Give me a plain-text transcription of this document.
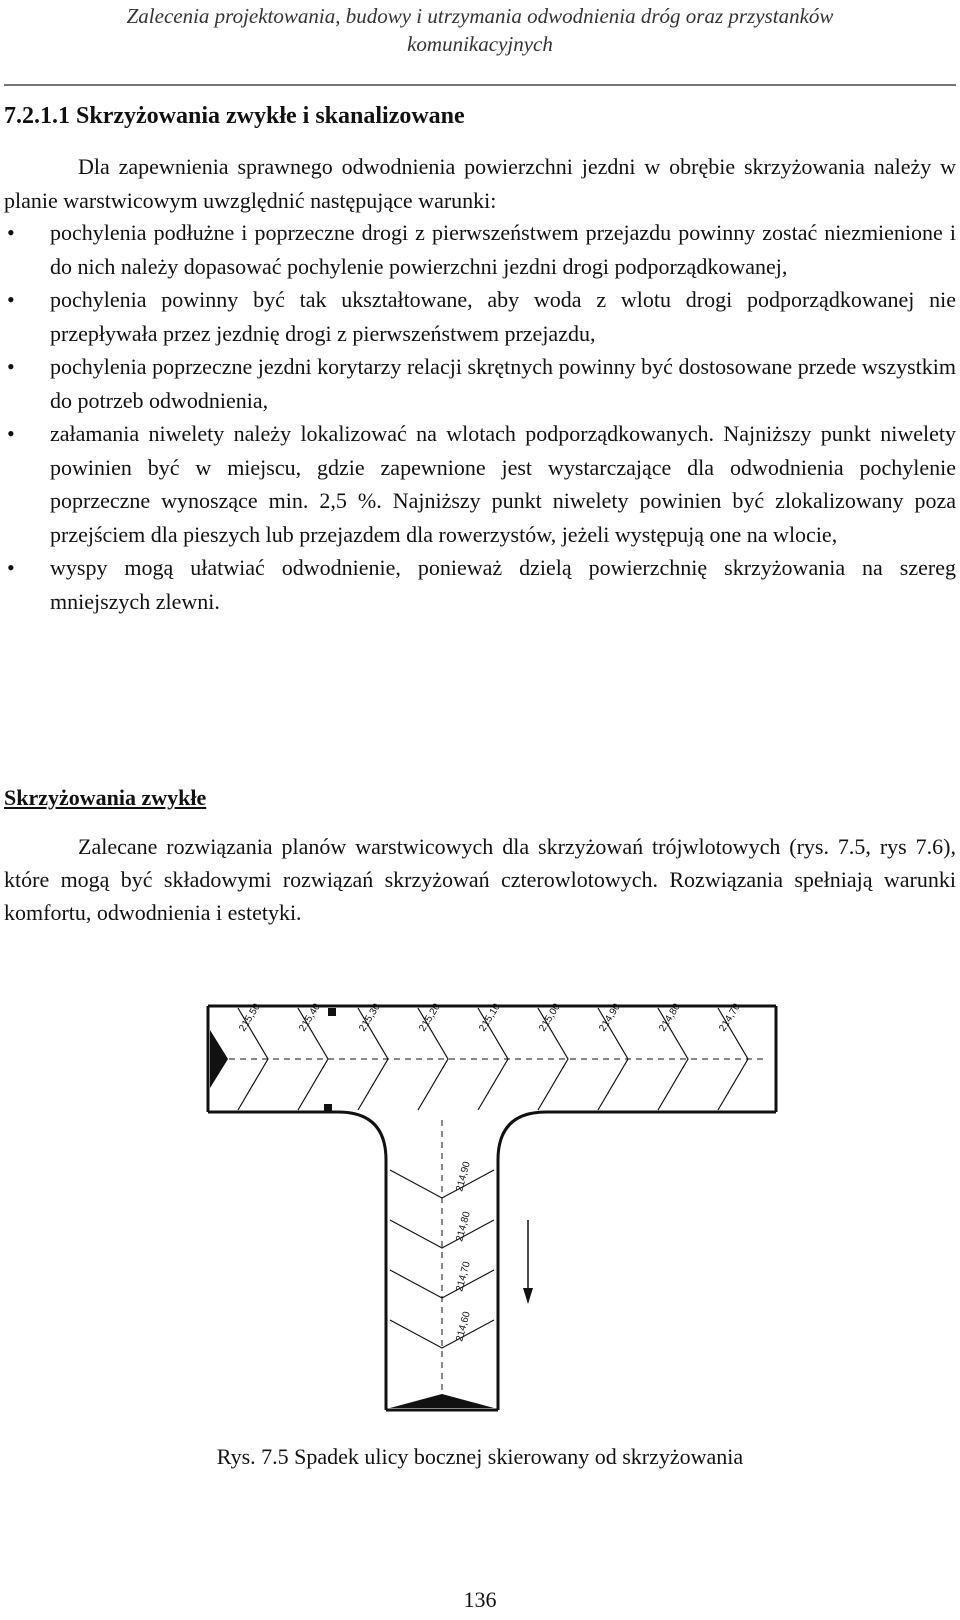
Zalecenia projektowania, budowy i utrzymania odwodnienia dróg oraz przystanków
komunikacyjnych
7.2.1.1 Skrzyżowania zwykłe i skanalizowane

Dla zapewnienia sprawnego odwodnienia powierzchni jezdni w obrębie skrzyżowania należy w planie warstwicowym uwzględnić następujące warunki:

• pochylenia podłużne i poprzeczne drogi z pierwszeństwem przejazdu powinny zostać niezmienione i do nich należy dopasować pochylenie powierzchni jezdni drogi podporządkowanej,
• pochylenia powinny być tak ukształtowane, aby woda z wlotu drogi podporządkowanej nie przepływała przez jezdnię drogi z pierwszeństwem przejazdu,
• pochylenia poprzeczne jezdni korytarzy relacji skrętnych powinny być dostosowane przede wszystkim do potrzeb odwodnienia,
• załamania niwelety należy lokalizować na wlotach podporządkowanych. Najniższy punkt niwelety powinien być w miejscu, gdzie zapewnione jest wystarczające dla odwodnienia pochylenie poprzeczne wynoszące min. 2,5 %. Najniższy punkt niwelety powinien być zlokalizowany poza przejściem dla pieszych lub przejazdem dla rowerzystów, jeżeli występują one na wlocie,
• wyspy mogą ułatwiać odwodnienie, ponieważ dzielą powierzchnię skrzyżowania na szereg mniejszych zlewni.
Skrzyżowania zwykłe

Zalecane rozwiązania planów warstwicowych dla skrzyżowań trójwlotowych (rys. 7.5, rys 7.6), które mogą być składowymi rozwiązań skrzyżowań czterowlotowych. Rozwiązania spełniają warunki komfortu, odwodnienia i estetyki.

215,50	215,40	215,30	215,20	215,10	215,00	214,90	214,80	214,70
214,90
214,80
214,70
214,60
Rys. 7.5 Spadek ulicy bocznej skierowany od skrzyżowania
136
